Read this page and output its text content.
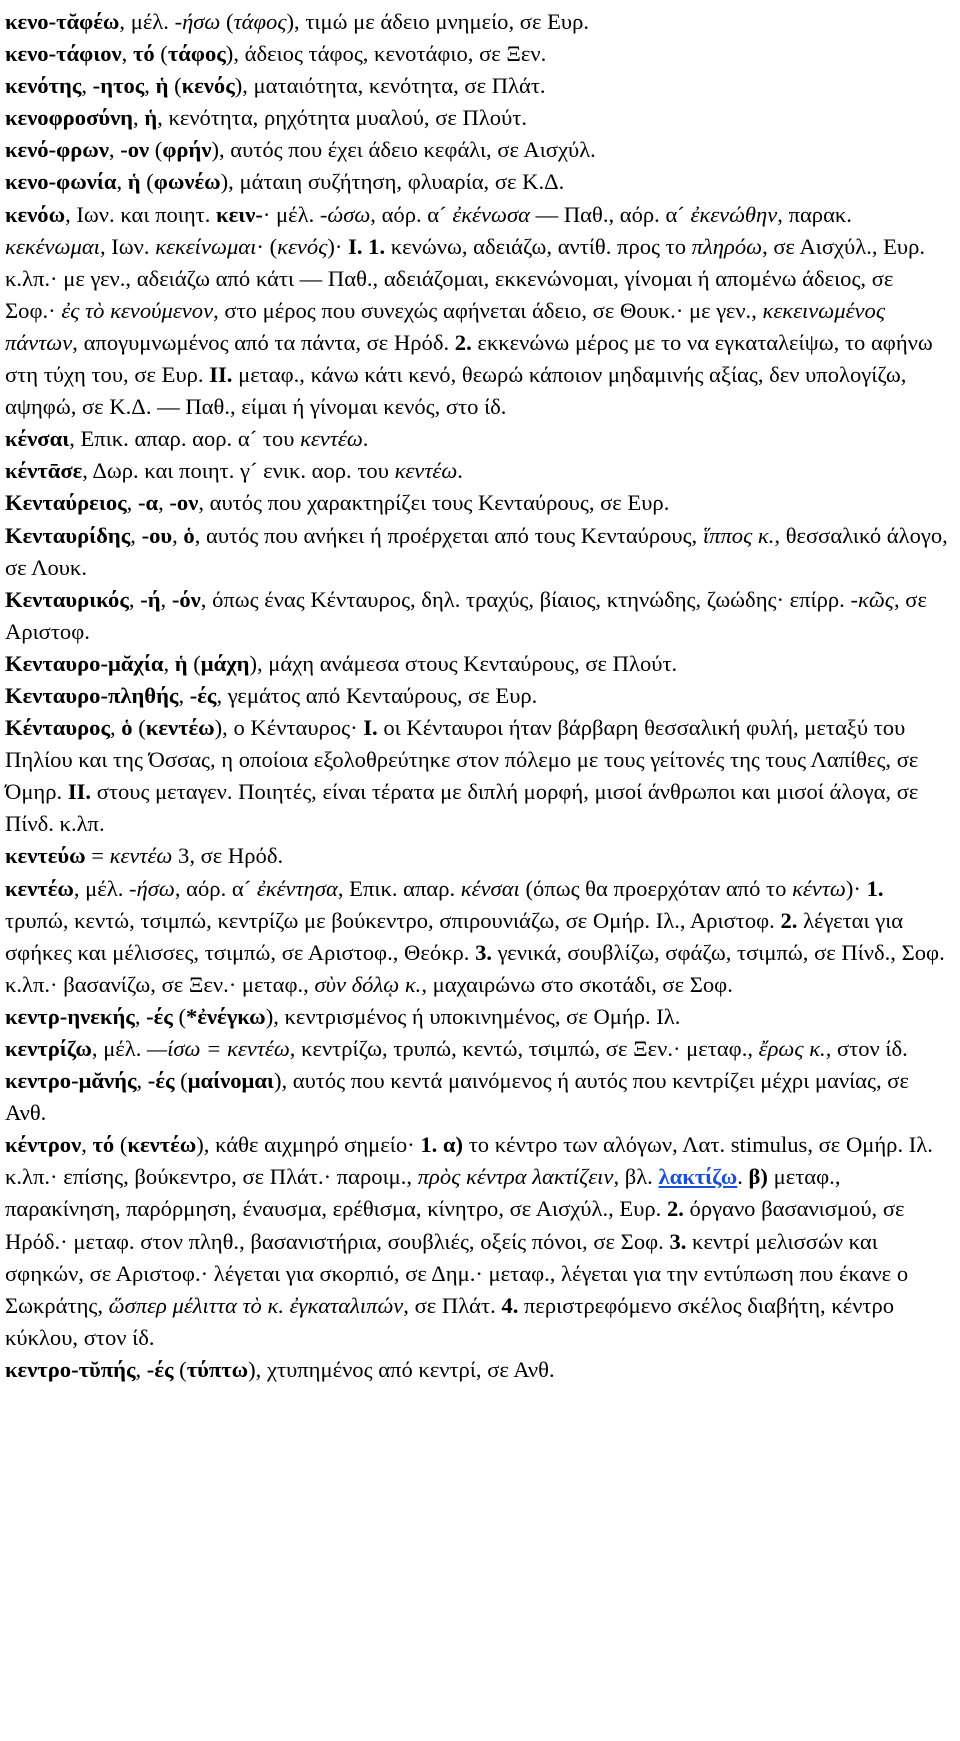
κενο-τᾰφέω, μέλ. -ήσω (τάφος), τιμώ με άδειο μνημείο, σε Ευρ.

κενο-τάφιον, τό (τάφος), άδειος τάφος, κενοτάφιο, σε Ξεν.

κενότης, -ητος, ἡ (κενός), ματαιότητα, κενότητα, σε Πλάτ.

κενοφροσύνη, ἡ, κενότητα, ρηχότητα μυαλού, σε Πλούτ.

κενό-φρων, -ον (φρήν), αυτός που έχει άδειο κεφάλι, σε Αισχύλ.

κενο-φωνία, ἡ (φωνέω), μάταιη συζήτηση, φλυαρία, σε Κ.Δ.

κενόω, Ιων. και ποιητ. κειν-· μέλ. -ώσω, αόρ. α´ ἐκένωσα — Παθ., αόρ. α´ ἐκενώθην, παρακ. κεκένωμαι, Ιων. κεκείνωμαι· (κενός)· I. 1. κενώνω, αδειάζω, αντίθ. προς το πληρόω, σε Αισχύλ., Ευρ. κ.λπ.· με γεν., αδειάζω από κάτι — Παθ., αδειάζομαι, εκκενώνομαι, γίνομαι ή απομένω άδειος, σε Σοφ.· ἐς τὸ κενούμενον, στο μέρος που συνεχώς αφήνεται άδειο, σε Θουκ.· με γεν., κεκεινωμένος πάντων, απογυμνωμένος από τα πάντα, σε Ηρόδ. 2. εκκενώνω μέρος με το να εγκαταλείψω, το αφήνω στη τύχη του, σε Ευρ. II. μεταφ., κάνω κάτι κενό, θεωρώ κάποιον μηδαμινής αξίας, δεν υπολογίζω, αψηφώ, σε Κ.Δ. — Παθ., είμαι ή γίνομαι κενός, στο ίδ.

κένσαι, Επικ. απαρ. αορ. α´ του κεντέω.

κέντᾱσε, Δωρ. και ποιητ. γ´ ενικ. αορ. του κεντέω.

Κενταύρειος, -α, -ον, αυτός που χαρακτηρίζει τους Κενταύρους, σε Ευρ.

Κενταυρίδης, -ου, ὁ, αυτός που ανήκει ή προέρχεται από τους Κενταύρους, ἵππος κ., θεσσαλικό άλογο, σε Λουκ.

Κενταυρικός, -ή, -όν, όπως ένας Κένταυρος, δηλ. τραχύς, βίαιος, κτηνώδης, ζωώδης· επίρρ. -κῶς, σε Αριστοφ.

Κενταυρο-μᾰχία, ἡ (μάχη), μάχη ανάμεσα στους Κενταύρους, σε Πλούτ.

Κενταυρο-πληθής, -ές, γεμάτος από Κενταύρους, σε Ευρ.

Κένταυρος, ὁ (κεντέω), ο Κένταυρος· I. οι Κένταυροι ήταν βάρβαρη θεσσαλική φυλή, μεταξύ του Πηλίου και της Όσσας, η οποίοια εξολοθρεύτηκε στον πόλεμο με τους γείτονές της τους Λαπίθες, σε Όμηρ. II. στους μεταγεν. Ποιητές, είναι τέρατα με διπλή μορφή, μισοί άνθρωποι και μισοί άλογα, σε Πίνδ. κ.λπ.

κεντεύω = κεντέω 3, σε Ηρόδ.

κεντέω, μέλ. -ήσω, αόρ. α´ ἐκέντησα, Επικ. απαρ. κένσαι (όπως θα προερχόταν από το κέντω)· 1. τρυπώ, κεντώ, τσιμπώ, κεντρίζω με βούκεντρο, σπιρουνιάζω, σε Ομήρ. Ιλ., Αριστοφ. 2. λέγεται για σφήκες και μέλισσες, τσιμπώ, σε Αριστοφ., Θεόκρ. 3. γενικά, σουβλίζω, σφάζω, τσιμπώ, σε Πίνδ., Σοφ. κ.λπ.· βασανίζω, σε Ξεν.· μεταφ., σὺν δόλῳ κ., μαχαιρώνω στο σκοτάδι, σε Σοφ.

κεντρ-ηνεκής, -ές (*ἐνέγκω), κεντρισμένος ή υποκινημένος, σε Ομήρ. Ιλ.

κεντρίζω, μέλ. —ίσω = κεντέω, κεντρίζω, τρυπώ, κεντώ, τσιμπώ, σε Ξεν.· μεταφ., ἔρως κ., στον ίδ.

κεντρο-μᾰνής, -ές (μαίνομαι), αυτός που κεντά μαινόμενος ή αυτός που κεντρίζει μέχρι μανίας, σε Ανθ.

κέντρον, τό (κεντέω), κάθε αιχμηρό σημείο· 1. α) το κέντρο των αλόγων, Λατ. stimulus, σε Ομήρ. Ιλ. κ.λπ.· επίσης, βούκεντρο, σε Πλάτ.· παροιμ., πρὸς κέντρα λακτίζειν, βλ. λακτίζω. β) μεταφ., παρακίνηση, παρόρμηση, έναυσμα, ερέθισμα, κίνητρο, σε Αισχύλ., Ευρ. 2. όργανο βασανισμού, σε Ηρόδ.· μεταφ. στον πληθ., βασανιστήρια, σουβλιές, οξείς πόνοι, σε Σοφ. 3. κεντρί μελισσών και σφηκών, σε Αριστοφ.· λέγεται για σκορπιό, σε Δημ.· μεταφ., λέγεται για την εντύπωση που έκανε ο Σωκράτης, ὥσπερ μέλιττα τὸ κ. ἐγκαταλιπών, σε Πλάτ. 4. περιστρεφόμενο σκέλος διαβήτη, κέντρο κύκλου, στον ίδ.

κεντρο-τῠπής, -ές (τύπτω), χτυπημένος από κεντρί, σε Ανθ.
